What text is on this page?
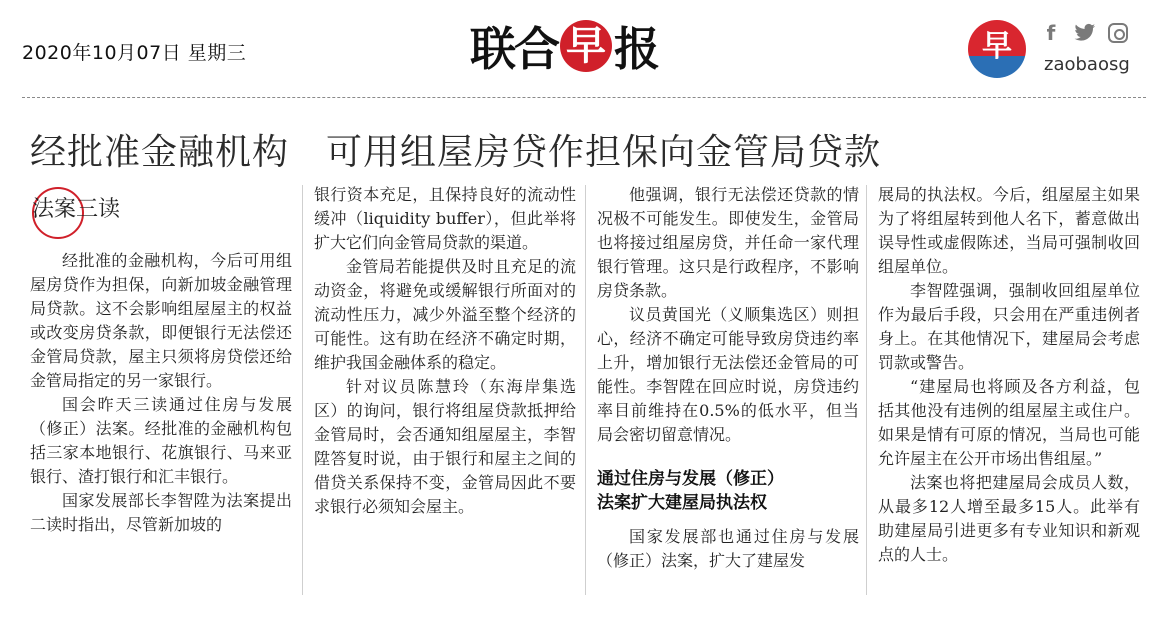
2020年10月07日 星期三	联合 早 报	早	f
zaobaosg
经批准金融机构　可用组屋房贷作担保向金管局贷款
法案三读

经批准的金融机构，今后可用组屋房贷作为担保，向新加坡金融管理局贷款。这不会影响组屋屋主的权益或改变房贷条款，即便银行无法偿还金管局贷款，屋主只须将房贷偿还给金管局指定的另一家银行。

国会昨天三读通过住房与发展（修正）法案。经批准的金融机构包括三家本地银行、花旗银行、马来亚银行、渣打银行和汇丰银行。

国家发展部长李智陞为法案提出二读时指出，尽管新加坡的

银行资本充足，且保持良好的流动性缓冲（liquidity buffer），但此举将扩大它们向金管局贷款的渠道。

金管局若能提供及时且充足的流动资金，将避免或缓解银行所面对的流动性压力，减少外溢至整个经济的可能性。这有助在经济不确定时期，维护我国金融体系的稳定。

针对议员陈慧玲（东海岸集选区）的询问，银行将组屋贷款抵押给金管局时，会否通知组屋屋主，李智陞答复时说，由于银行和屋主之间的借贷关系保持不变，金管局因此不要求银行必须知会屋主。

他强调，银行无法偿还贷款的情况极不可能发生。即使发生，金管局也将接过组屋房贷，并任命一家代理银行管理。这只是行政程序，不影响房贷条款。

议员黄国光（义顺集选区）则担心，经济不确定可能导致房贷违约率上升，增加银行无法偿还金管局的可能性。李智陞在回应时说，房贷违约率目前维持在0.5%的低水平，但当局会密切留意情况。

通过住房与发展（修正）
法案扩大建屋局执法权

国家发展部也通过住房与发展（修正）法案，扩大了建屋发

展局的执法权。今后，组屋屋主如果为了将组屋转到他人名下，蓄意做出误导性或虚假陈述，当局可强制收回组屋单位。

李智陞强调，强制收回组屋单位作为最后手段，只会用在严重违例者身上。在其他情况下，建屋局会考虑罚款或警告。

“建屋局也将顾及各方利益，包括其他没有违例的组屋屋主或住户。如果是情有可原的情况，当局也可能允许屋主在公开市场出售组屋。”

法案也将把建屋局会成员人数，从最多12人增至最多15人。此举有助建屋局引进更多有专业知识和新观点的人士。
